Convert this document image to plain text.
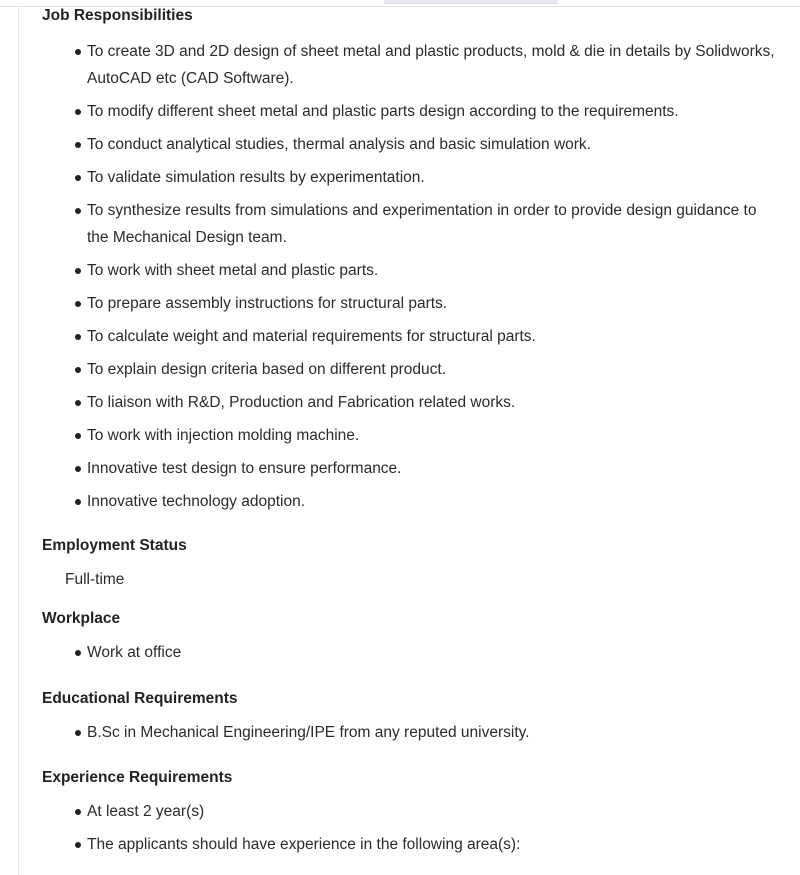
Job Responsibilities
To create 3D and 2D design of sheet metal and plastic products, mold & die in details by Solidworks, AutoCAD etc (CAD Software).
To modify different sheet metal and plastic parts design according to the requirements.
To conduct analytical studies, thermal analysis and basic simulation work.
To validate simulation results by experimentation.
To synthesize results from simulations and experimentation in order to provide design guidance to the Mechanical Design team.
To work with sheet metal and plastic parts.
To prepare assembly instructions for structural parts.
To calculate weight and material requirements for structural parts.
To explain design criteria based on different product.
To liaison with R&D, Production and Fabrication related works.
To work with injection molding machine.
Innovative test design to ensure performance.
Innovative technology adoption.
Employment Status

Full-time

Workplace
Work at office
Educational Requirements
B.Sc in Mechanical Engineering/IPE from any reputed university.
Experience Requirements
At least 2 year(s)
The applicants should have experience in the following area(s):
